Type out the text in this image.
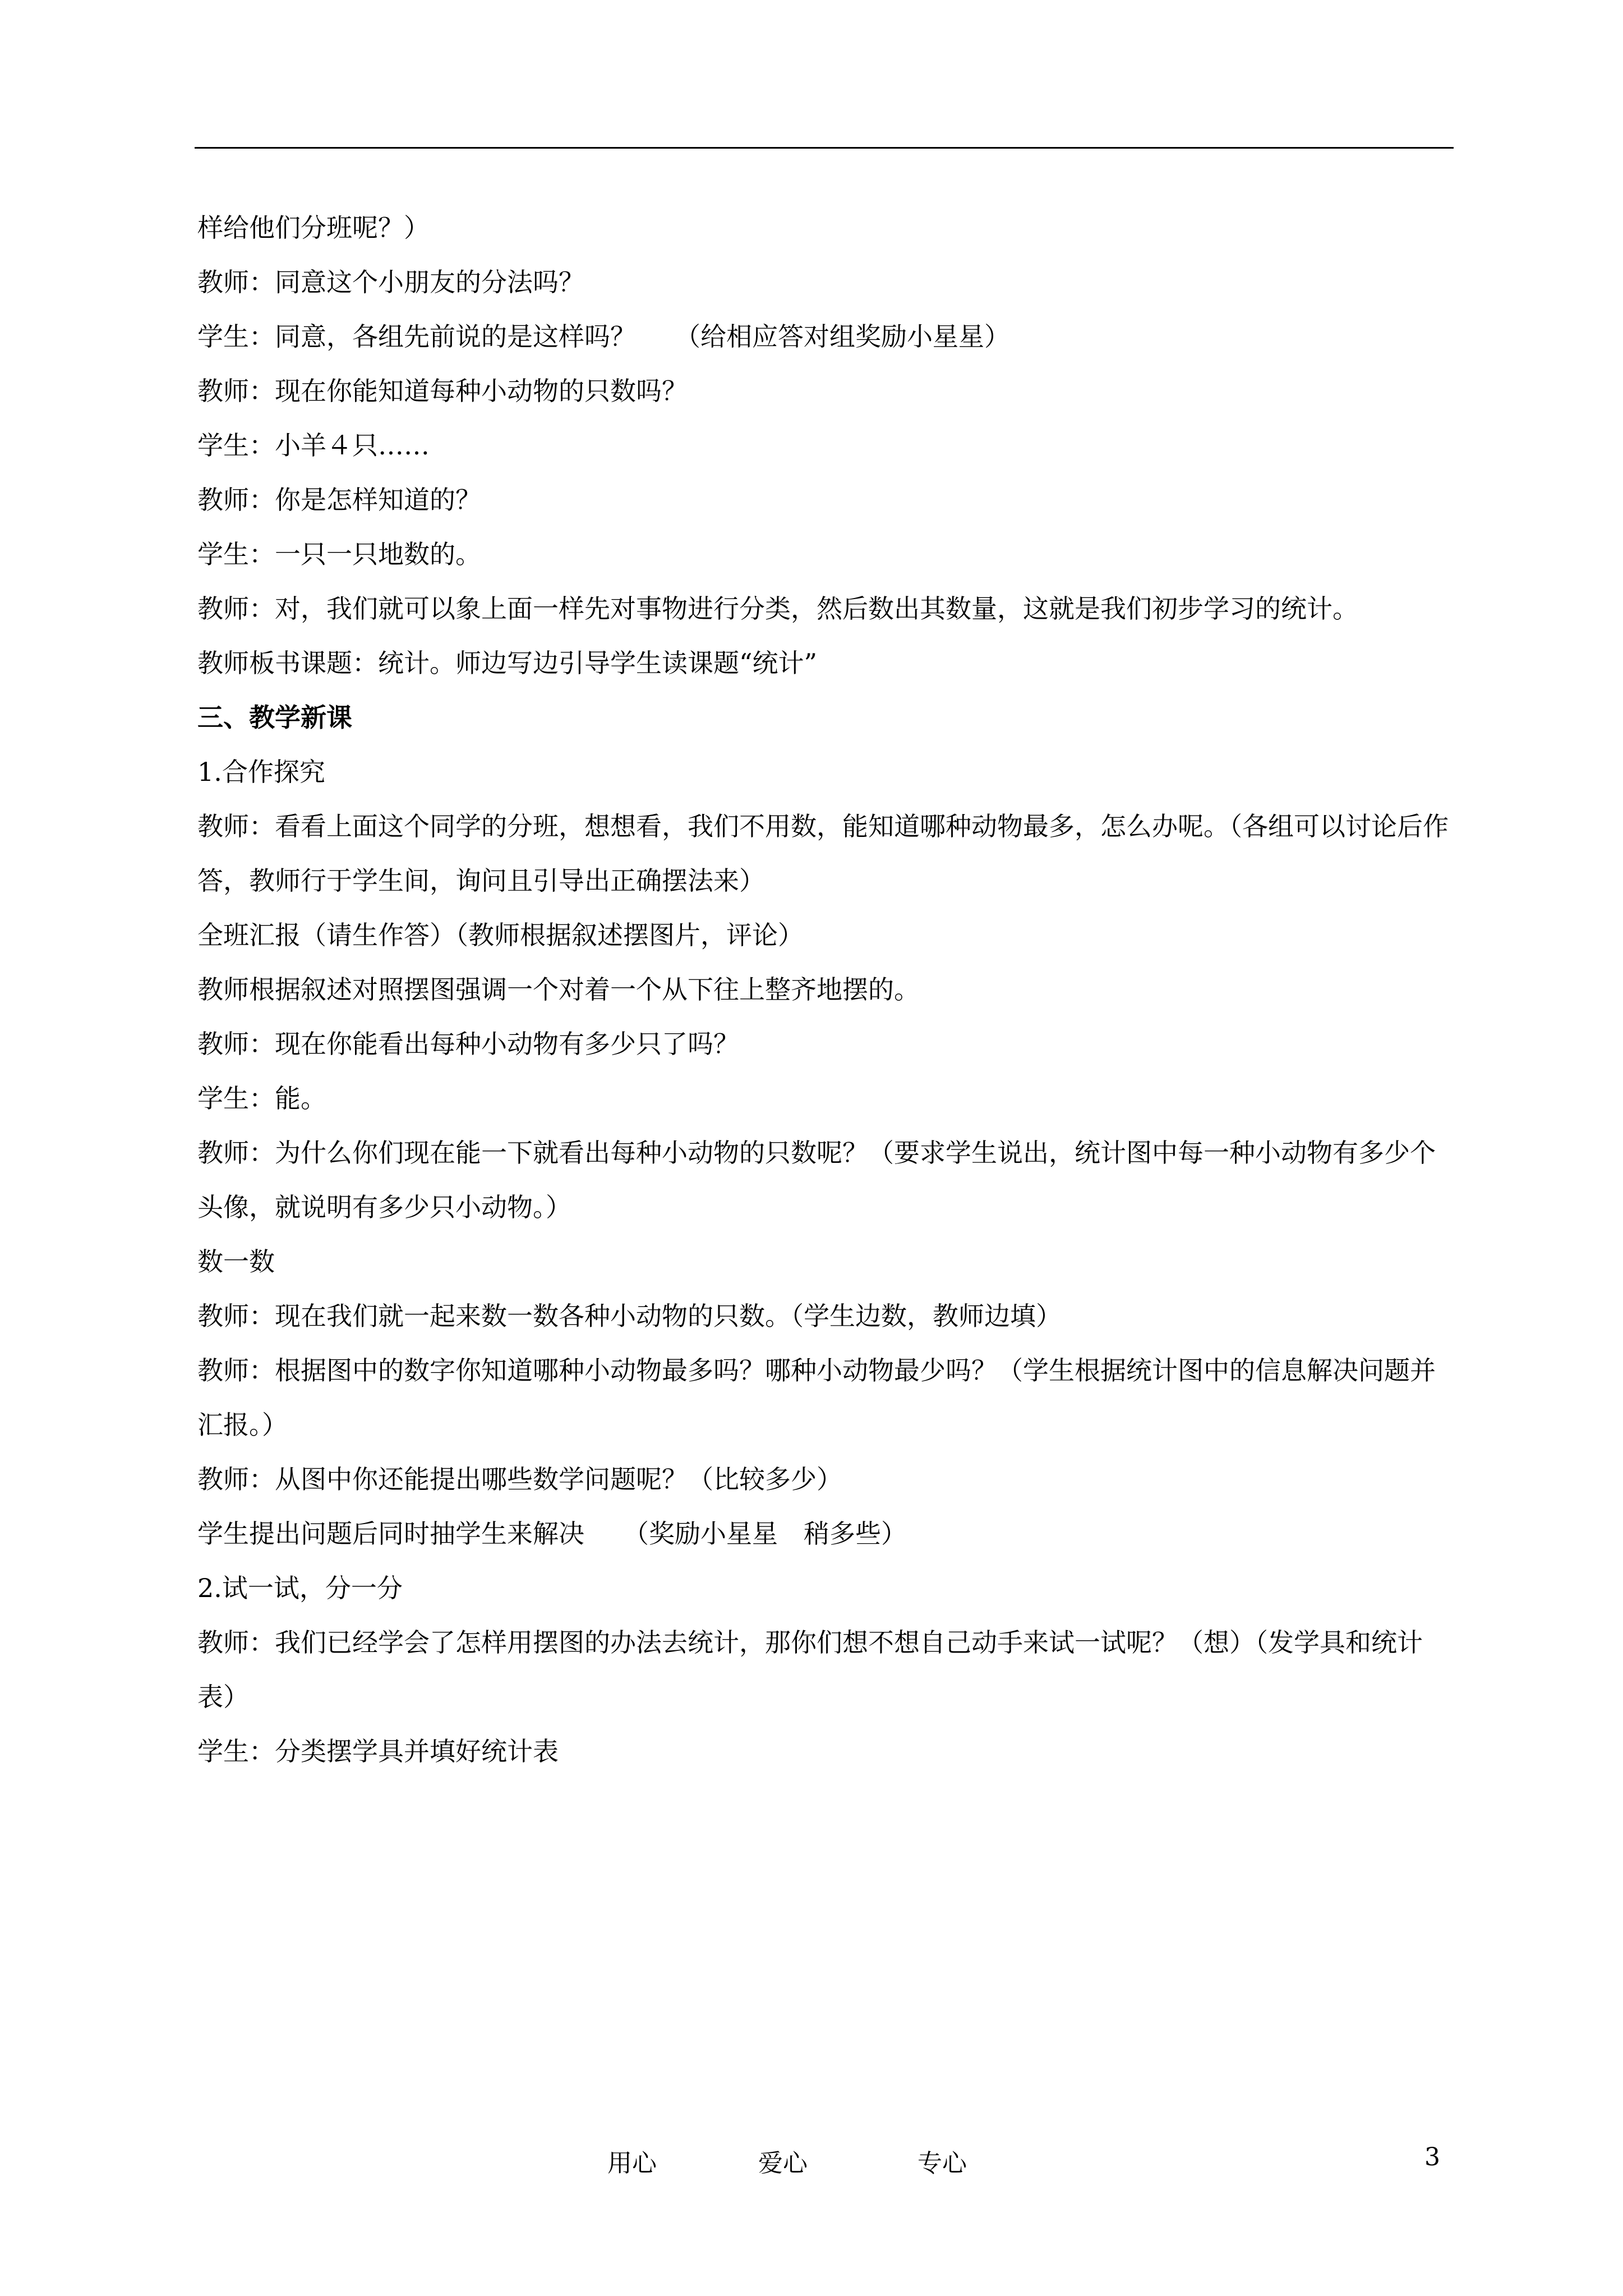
样给他们分班呢？）

教师：同意这个小朋友的分法吗？

学生：同意，各组先前说的是这样吗？　　（给相应答对组奖励小星星）

教师：现在你能知道每种小动物的只数吗？

学生：小羊４只……

教师：你是怎样知道的？

学生：一只一只地数的。

教师：对，我们就可以象上面一样先对事物进行分类，然后数出其数量，这就是我们初步学习的统计。

教师板书课题：统计。师边写边引导学生读课题“统计”

三、教学新课

1.合作探究

教师：看看上面这个同学的分班，想想看，我们不用数，能知道哪种动物最多，怎么办呢。（各组可以讨论后作答，教师行于学生间，询问且引导出正确摆法来）

全班汇报（请生作答）（教师根据叙述摆图片，评论）

教师根据叙述对照摆图强调一个对着一个从下往上整齐地摆的。

教师：现在你能看出每种小动物有多少只了吗？

学生：能。

教师：为什么你们现在能一下就看出每种小动物的只数呢？（要求学生说出，统计图中每一种小动物有多少个头像，就说明有多少只小动物。）

数一数

教师：现在我们就一起来数一数各种小动物的只数。（学生边数，教师边填）

教师：根据图中的数字你知道哪种小动物最多吗？哪种小动物最少吗？（学生根据统计图中的信息解决问题并汇报。）

教师：从图中你还能提出哪些数学问题呢？（比较多少）

学生提出问题后同时抽学生来解决　　（奖励小星星　稍多些）

2.试一试，分一分

教师：我们已经学会了怎样用摆图的办法去统计，那你们想不想自己动手来试一试呢？（想）（发学具和统计表）

学生：分类摆学具并填好统计表

用心	爱心	专心	3
